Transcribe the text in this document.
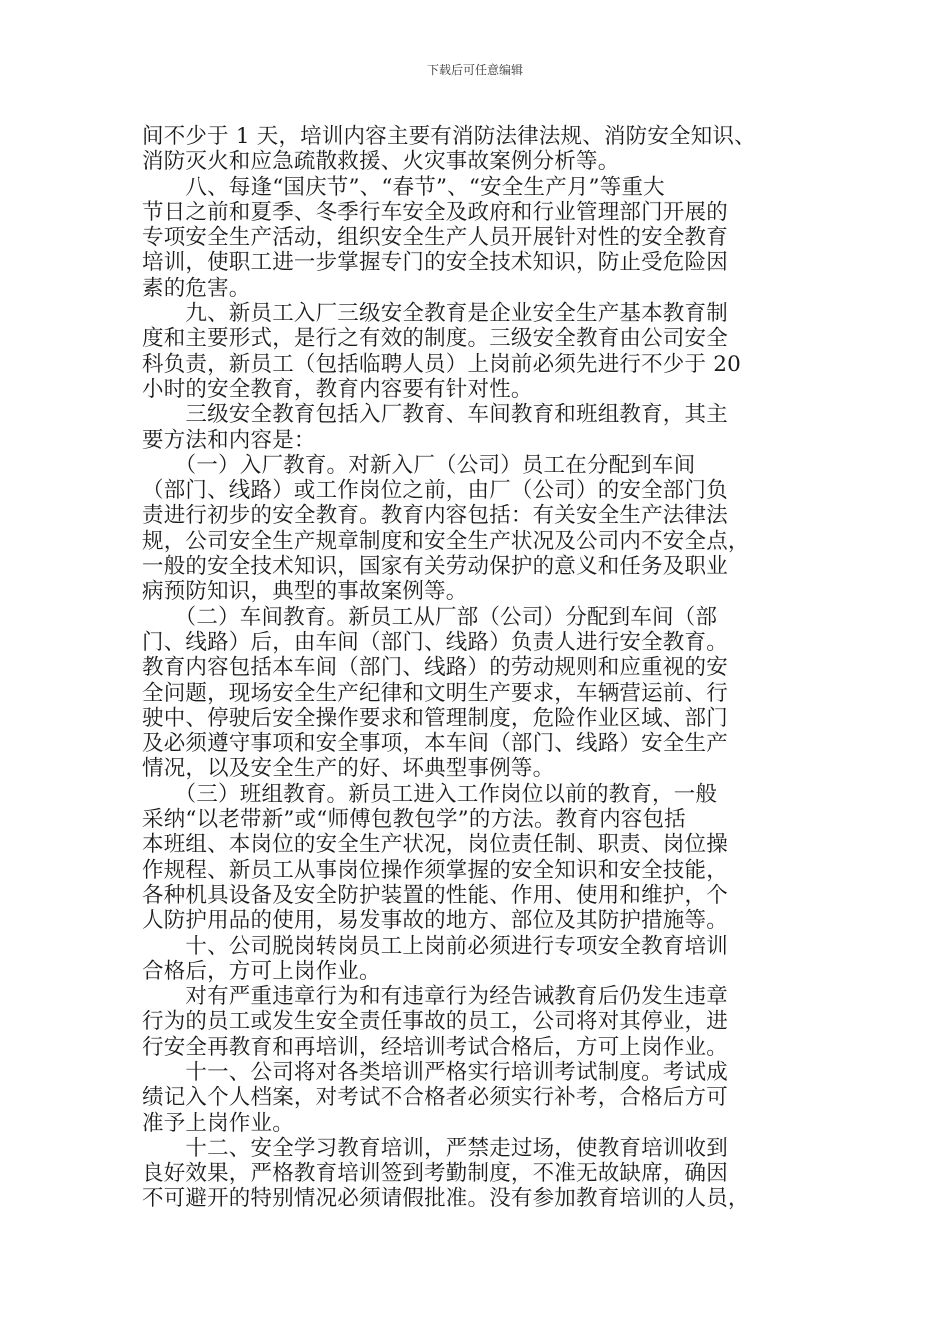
下载后可任意编辑
间不少于 1 天，培训内容主要有消防法律法规、消防安全知识、
消防灭火和应急疏散救援、火灾事故案例分析等。
　　八、每逢“国庆节”、“春节”、“安全生产月”等重大
节日之前和夏季、冬季行车安全及政府和行业管理部门开展的
专项安全生产活动，组织安全生产人员开展针对性的安全教育
培训，使职工进一步掌握专门的安全技术知识，防止受危险因
素的危害。
　　九、新员工入厂三级安全教育是企业安全生产基本教育制
度和主要形式，是行之有效的制度。三级安全教育由公司安全
科负责，新员工（包括临聘人员）上岗前必须先进行不少于 20
小时的安全教育，教育内容要有针对性。
　　三级安全教育包括入厂教育、车间教育和班组教育，其主
要方法和内容是：
　　（一）入厂教育。对新入厂（公司）员工在分配到车间
（部门、线路）或工作岗位之前，由厂（公司）的安全部门负
责进行初步的安全教育。教育内容包括：有关安全生产法律法
规，公司安全生产规章制度和安全生产状况及公司内不安全点，
一般的安全技术知识，国家有关劳动保护的意义和任务及职业
病预防知识，典型的事故案例等。
　　（二）车间教育。新员工从厂部（公司）分配到车间（部
门、线路）后，由车间（部门、线路）负责人进行安全教育。
教育内容包括本车间（部门、线路）的劳动规则和应重视的安
全问题，现场安全生产纪律和文明生产要求，车辆营运前、行
驶中、停驶后安全操作要求和管理制度，危险作业区域、部门
及必须遵守事项和安全事项，本车间（部门、线路）安全生产
情况，以及安全生产的好、坏典型事例等。
　　（三）班组教育。新员工进入工作岗位以前的教育，一般
采纳“以老带新”或“师傅包教包学”的方法。教育内容包括
本班组、本岗位的安全生产状况，岗位责任制、职责、岗位操
作规程、新员工从事岗位操作须掌握的安全知识和安全技能，
各种机具设备及安全防护装置的性能、作用、使用和维护，个
人防护用品的使用，易发事故的地方、部位及其防护措施等。
　　十、公司脱岗转岗员工上岗前必须进行专项安全教育培训
合格后，方可上岗作业。
　　对有严重违章行为和有违章行为经告诫教育后仍发生违章
行为的员工或发生安全责任事故的员工，公司将对其停业，进
行安全再教育和再培训，经培训考试合格后，方可上岗作业。
　　十一、公司将对各类培训严格实行培训考试制度。考试成
绩记入个人档案，对考试不合格者必须实行补考，合格后方可
准予上岗作业。
　　十二、安全学习教育培训，严禁走过场，使教育培训收到
良好效果，严格教育培训签到考勤制度，不准无故缺席，确因
不可避开的特别情况必须请假批准。没有参加教育培训的人员，
